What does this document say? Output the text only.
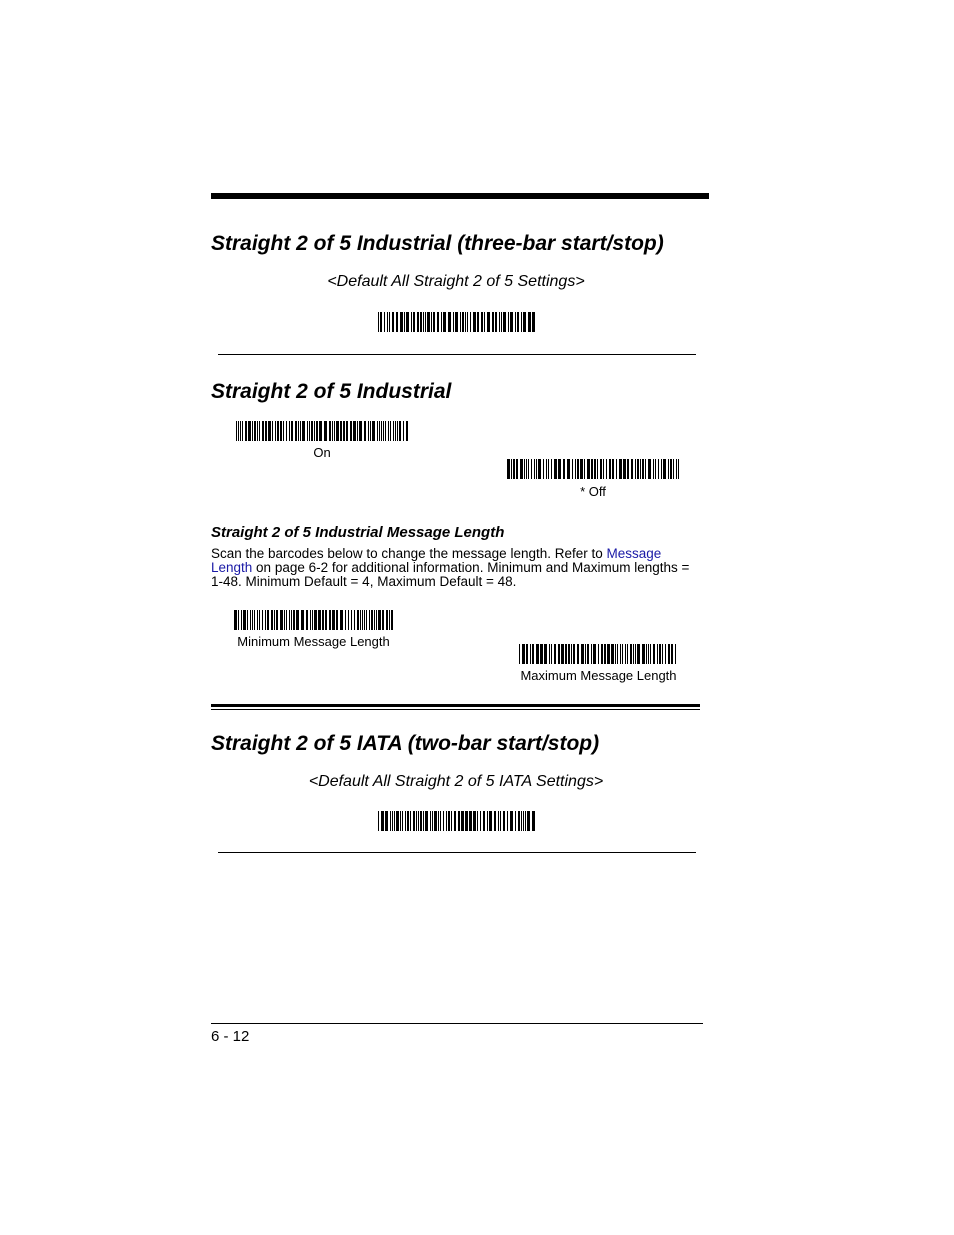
Straight 2 of 5 Industrial (three-bar start/stop)
<Default All Straight 2 of 5 Settings>
Straight 2 of 5 Industrial
On
* Off
Straight 2 of 5 Industrial Message Length
Scan the barcodes below to change the message length. Refer to Message Length on page 6-2 for additional information. Minimum and Maximum lengths = 1-48. Minimum Default = 4, Maximum Default = 48.
Minimum Message Length
Maximum Message Length
Straight 2 of 5 IATA (two-bar start/stop)
<Default All Straight 2 of 5 IATA Settings>
6 - 12
